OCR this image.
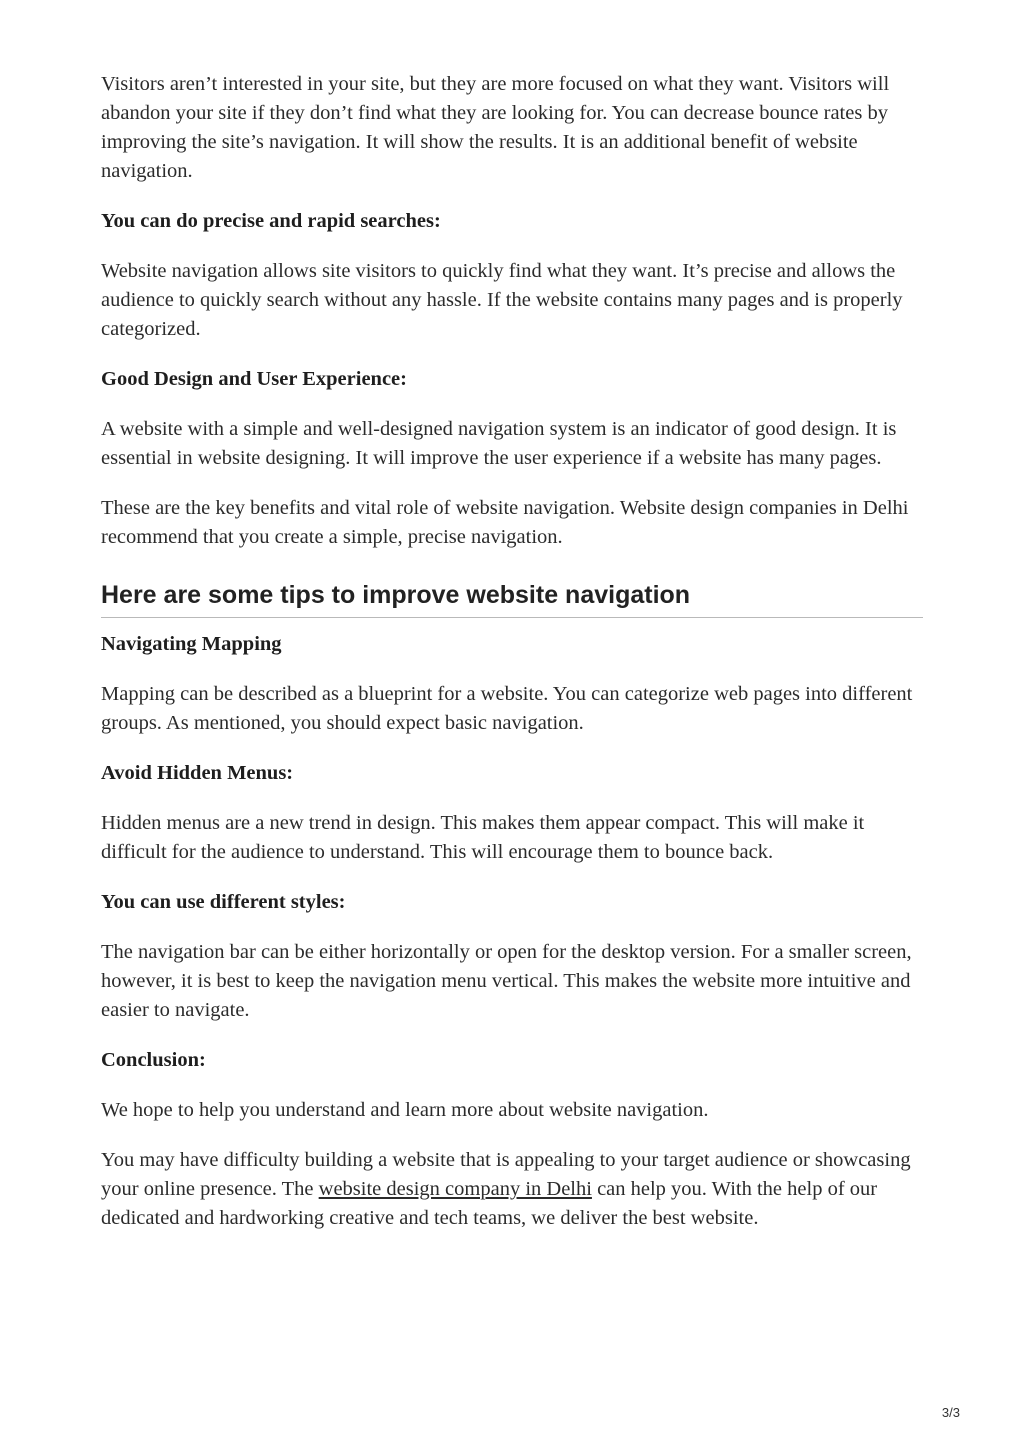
Visitors aren’t interested in your site, but they are more focused on what they want. Visitors will abandon your site if they don’t find what they are looking for. You can decrease bounce rates by improving the site’s navigation. It will show the results. It is an additional benefit of website navigation.

You can do precise and rapid searches:

Website navigation allows site visitors to quickly find what they want. It’s precise and allows the audience to quickly search without any hassle. If the website contains many pages and is properly categorized.

Good Design and User Experience:

A website with a simple and well-designed navigation system is an indicator of good design. It is essential in website designing. It will improve the user experience if a website has many pages.

These are the key benefits and vital role of website navigation. Website design companies in Delhi recommend that you create a simple, precise navigation.

Here are some tips to improve website navigation
Navigating Mapping

Mapping can be described as a blueprint for a website. You can categorize web pages into different groups. As mentioned, you should expect basic navigation.

Avoid Hidden Menus:

Hidden menus are a new trend in design. This makes them appear compact. This will make it difficult for the audience to understand. This will encourage them to bounce back.

You can use different styles:

The navigation bar can be either horizontally or open for the desktop version. For a smaller screen, however, it is best to keep the navigation menu vertical. This makes the website more intuitive and easier to navigate.

Conclusion:

We hope to help you understand and learn more about website navigation.

You may have difficulty building a website that is appealing to your target audience or showcasing your online presence. The website design company in Delhi can help you. With the help of our dedicated and hardworking creative and tech teams, we deliver the best website.

3/3
